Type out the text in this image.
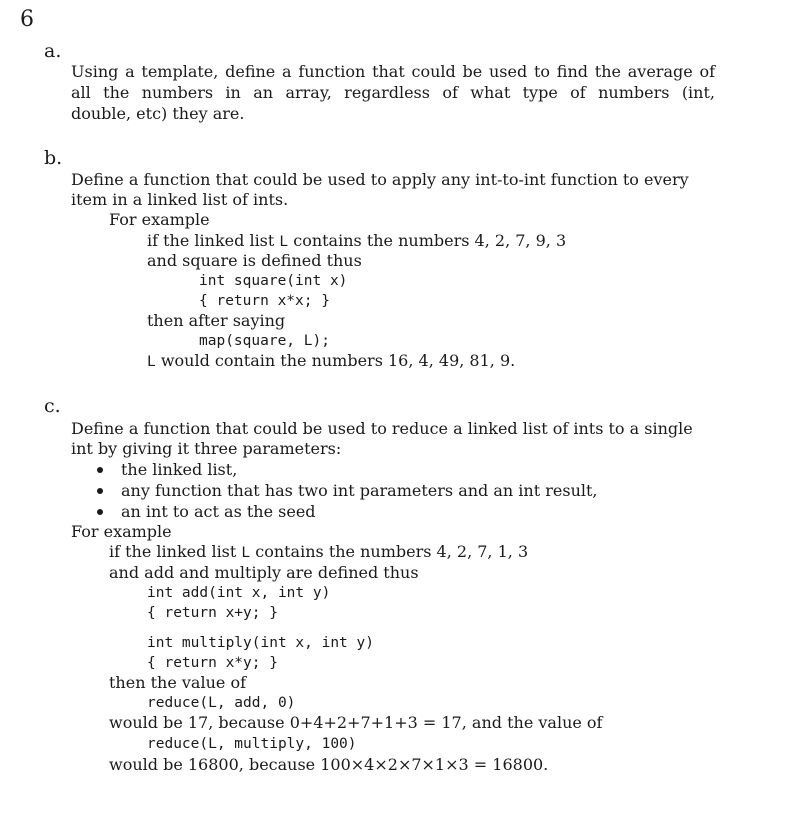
6
a.
Using a template, define a function that could be used to find the average of
all the numbers in an array, regardless of what type of numbers (int,
double, etc) they are.
b.
Define a function that could be used to apply any int-to-int function to every
item in a linked list of ints.
For example
if the linked list L contains the numbers 4, 2, 7, 9, 3
and square is defined thus
int square(int x)
{ return x*x; }
then after saying
map(square, L);
L would contain the numbers 16, 4, 49, 81, 9.
c.
Define a function that could be used to reduce a linked list of ints to a single
int by giving it three parameters:
the linked list,
any function that has two int parameters and an int result,
an int to act as the seed
For example
if the linked list L contains the numbers 4, 2, 7, 1, 3
and add and multiply are defined thus
int add(int x, int y)
{ return x+y; }
int multiply(int x, int y)
{ return x*y; }
then the value of
reduce(L, add, 0)
would be 17, because 0+4+2+7+1+3 = 17, and the value of
reduce(L, multiply, 100)
would be 16800, because 100×4×2×7×1×3 = 16800.
